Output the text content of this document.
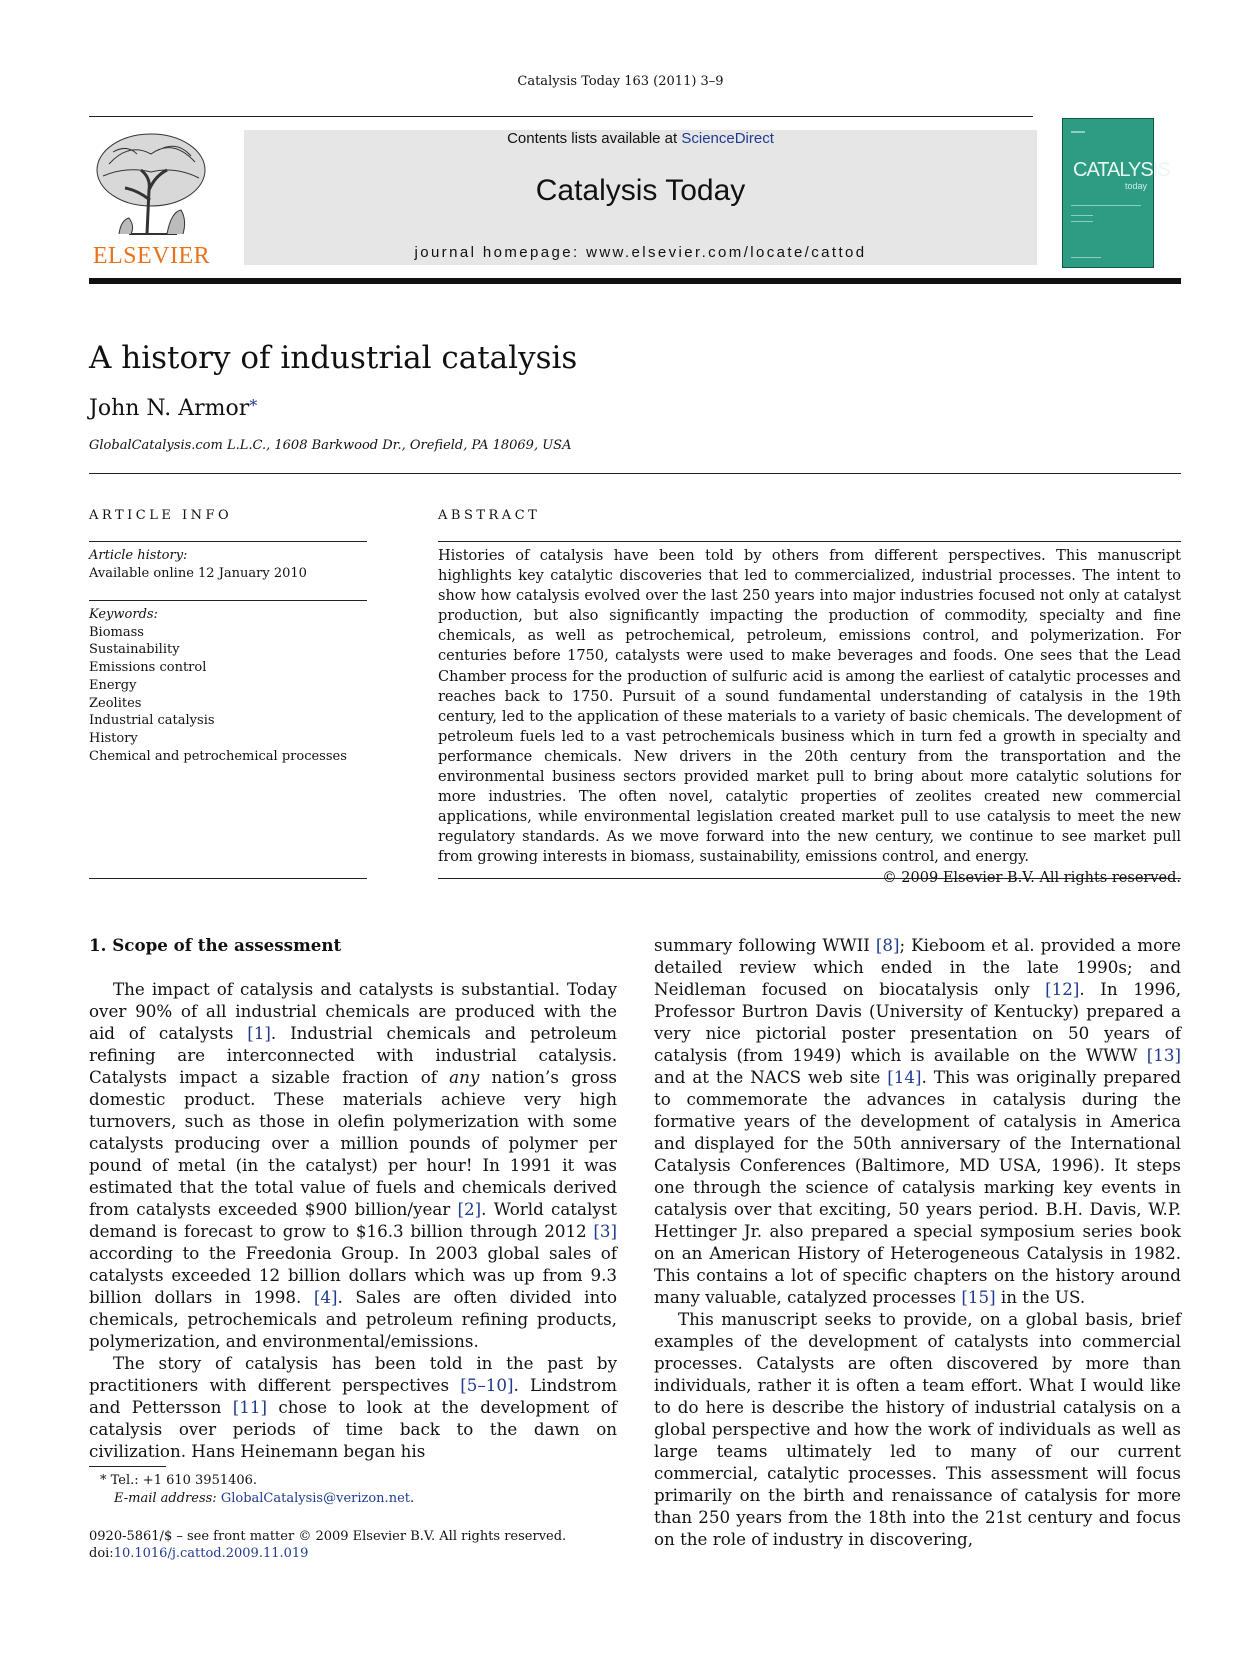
Catalysis Today 163 (2011) 3–9
ELSEVIER
Contents lists available at ScienceDirect
Catalysis Today
journal homepage: www.elsevier.com/locate/cattod
CATALYSIS
today
A history of industrial catalysis
John N. Armor*
GlobalCatalysis.com L.L.C., 1608 Barkwood Dr., Orefield, PA 18069, USA
ARTICLE INFO	ABSTRACT
Article history:
Available online 12 January 2010
Keywords:
Biomass
Sustainability
Emissions control
Energy
Zeolites
Industrial catalysis
History
Chemical and petrochemical processes
Histories of catalysis have been told by others from different perspectives. This manuscript highlights key catalytic discoveries that led to commercialized, industrial processes. The intent to show how catalysis evolved over the last 250 years into major industries focused not only at catalyst production, but also significantly impacting the production of commodity, specialty and fine chemicals, as well as petrochemical, petroleum, emissions control, and polymerization. For centuries before 1750, catalysts were used to make beverages and foods. One sees that the Lead Chamber process for the production of sulfuric acid is among the earliest of catalytic processes and reaches back to 1750. Pursuit of a sound fundamental understanding of catalysis in the 19th century, led to the application of these materials to a variety of basic chemicals. The development of petroleum fuels led to a vast petrochemicals business which in turn fed a growth in specialty and performance chemicals. New drivers in the 20th century from the transportation and the environmental business sectors provided market pull to bring about more catalytic solutions for more industries. The often novel, catalytic properties of zeolites created new commercial applications, while environmental legislation created market pull to use catalysis to meet the new regulatory standards. As we move forward into the new century, we continue to see market pull from growing interests in biomass, sustainability, emissions control, and energy.
© 2009 Elsevier B.V. All rights reserved.
1. Scope of the assessment

The impact of catalysis and catalysts is substantial. Today over 90% of all industrial chemicals are produced with the aid of catalysts [1]. Industrial chemicals and petroleum refining are interconnected with industrial catalysis. Catalysts impact a sizable fraction of any nation’s gross domestic product. These materials achieve very high turnovers, such as those in olefin polymerization with some catalysts producing over a million pounds of polymer per pound of metal (in the catalyst) per hour! In 1991 it was estimated that the total value of fuels and chemicals derived from catalysts exceeded $900 billion/year [2]. World catalyst demand is forecast to grow to $16.3 billion through 2012 [3] according to the Freedonia Group. In 2003 global sales of catalysts exceeded 12 billion dollars which was up from 9.3 billion dollars in 1998. [4]. Sales are often divided into chemicals, petrochemicals and petroleum refining products, polymerization, and environmental/emissions.

The story of catalysis has been told in the past by practitioners with different perspectives [5–10]. Lindstrom and Pettersson [11] chose to look at the development of catalysis over periods of time back to the dawn on civilization. Hans Heinemann began his

summary following WWII [8]; Kieboom et al. provided a more detailed review which ended in the late 1990s; and Neidleman focused on biocatalysis only [12]. In 1996, Professor Burtron Davis (University of Kentucky) prepared a very nice pictorial poster presentation on 50 years of catalysis (from 1949) which is available on the WWW [13] and at the NACS web site [14]. This was originally prepared to commemorate the advances in catalysis during the formative years of the development of catalysis in America and displayed for the 50th anniversary of the International Catalysis Conferences (Baltimore, MD USA, 1996). It steps one through the science of catalysis marking key events in catalysis over that exciting, 50 years period. B.H. Davis, W.P. Hettinger Jr. also prepared a special symposium series book on an American History of Heterogeneous Catalysis in 1982. This contains a lot of specific chapters on the history around many valuable, catalyzed processes [15] in the US.

This manuscript seeks to provide, on a global basis, brief examples of the development of catalysts into commercial processes. Catalysts are often discovered by more than individuals, rather it is often a team effort. What I would like to do here is describe the history of industrial catalysis on a global perspective and how the work of individuals as well as large teams ultimately led to many of our current commercial, catalytic processes. This assessment will focus primarily on the birth and renaissance of catalysis for more than 250 years from the 18th into the 21st century and focus on the role of industry in discovering,

* Tel.: +1 610 3951406.
E-mail address: GlobalCatalysis@verizon.net.
0920-5861/$ – see front matter © 2009 Elsevier B.V. All rights reserved.
doi:10.1016/j.cattod.2009.11.019
